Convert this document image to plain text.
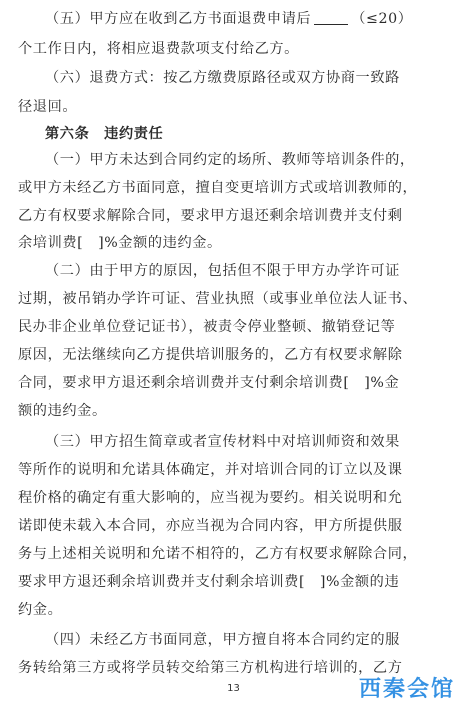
（五）甲方应在收到乙方书面退费申请后	（≤20）
个工作日内，将相应退费款项支付给乙方。
（六）退费方式：按乙方缴费原路径或双方协商一致路
径退回。
第六条　违约责任
（一）甲方未达到合同约定的场所、教师等培训条件的，
或甲方未经乙方书面同意，擅自变更培训方式或培训教师的，
乙方有权要求解除合同，要求甲方退还剩余培训费并支付剩
余培训费[　]%金额的违约金。
（二）由于甲方的原因，包括但不限于甲方办学许可证
过期，被吊销办学许可证、营业执照（或事业单位法人证书、
民办非企业单位登记证书），被责令停业整顿、撤销登记等
原因，无法继续向乙方提供培训服务的，乙方有权要求解除
合同，要求甲方退还剩余培训费并支付剩余培训费[　]%金
额的违约金。
（三）甲方招生简章或者宣传材料中对培训师资和效果
等所作的说明和允诺具体确定，并对培训合同的订立以及课
程价格的确定有重大影响的，应当视为要约。相关说明和允
诺即使未载入本合同，亦应当视为合同内容，甲方所提供服
务与上述相关说明和允诺不相符的，乙方有权要求解除合同，
要求甲方退还剩余培训费并支付剩余培训费[　]%金额的违
约金。
（四）未经乙方书面同意，甲方擅自将本合同约定的服
务转给第三方或将学员转交给第三方机构进行培训的，乙方
13	西秦会馆
